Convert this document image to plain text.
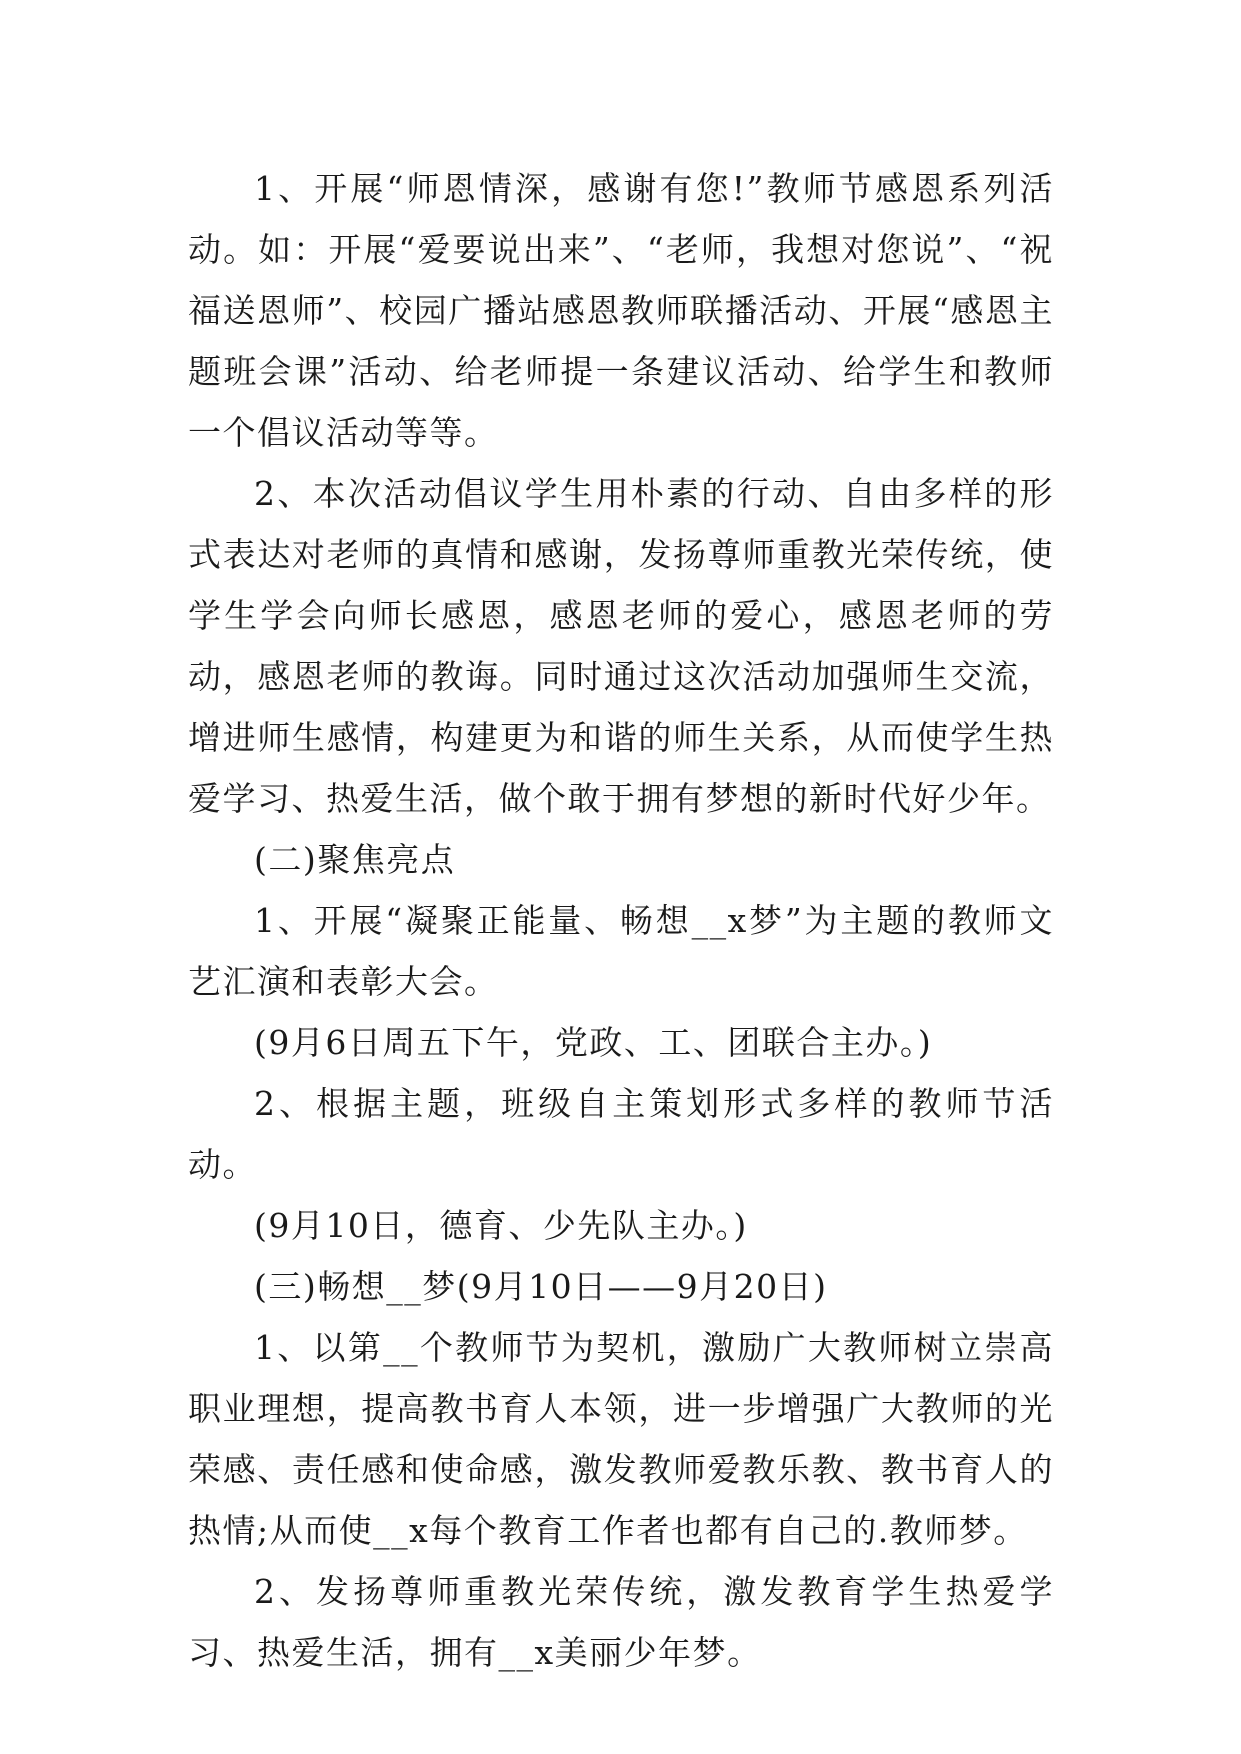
1、开展“师恩情深，感谢有您!”教师节感恩系列活动。如：开展“爱要说出来”、“老师，我想对您说”、“祝福送恩师”、校园广播站感恩教师联播活动、开展“感恩主题班会课”活动、给老师提一条建议活动、给学生和教师一个倡议活动等等。

2、本次活动倡议学生用朴素的行动、自由多样的形式表达对老师的真情和感谢，发扬尊师重教光荣传统，使学生学会向师长感恩，感恩老师的爱心，感恩老师的劳动，感恩老师的教诲。同时通过这次活动加强师生交流，增进师生感情，构建更为和谐的师生关系，从而使学生热爱学习、热爱生活，做个敢于拥有梦想的新时代好少年。

(二)聚焦亮点

1、开展“凝聚正能量、畅想__x梦”为主题的教师文艺汇演和表彰大会。

(9月6日周五下午，党政、工、团联合主办。)

2、根据主题，班级自主策划形式多样的教师节活动。

(9月10日，德育、少先队主办。)

(三)畅想__梦(9月10日——9月20日)

1、以第__个教师节为契机，激励广大教师树立崇高职业理想，提高教书育人本领，进一步增强广大教师的光荣感、责任感和使命感，激发教师爱教乐教、教书育人的热情;从而使__x每个教育工作者也都有自己的.教师梦。

2、发扬尊师重教光荣传统，激发教育学生热爱学习、热爱生活，拥有__x美丽少年梦。
